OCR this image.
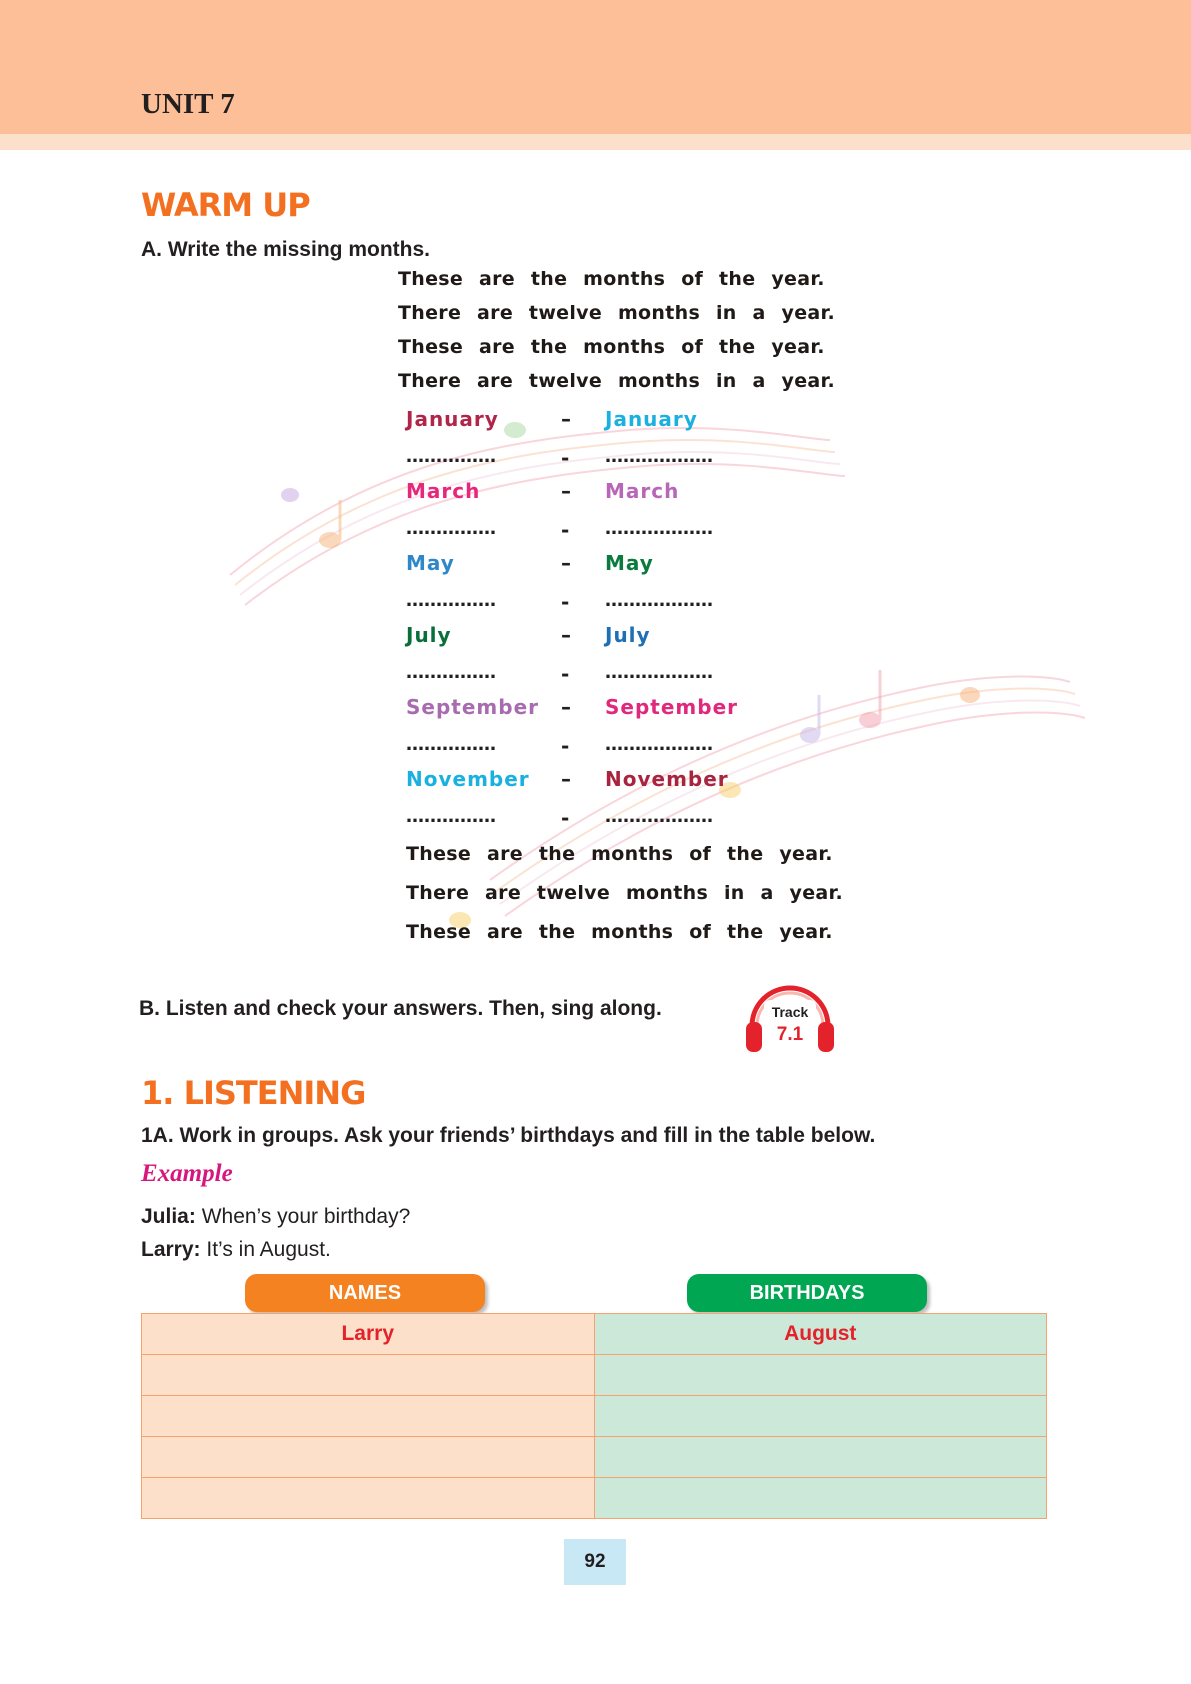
UNIT 7
WARM UP
A. Write the missing months.
These are the months of the year.
There are twelve months in a year.
These are the months of the year.
There are twelve months in a year.
January	– January
……………	- ………………
March	– March
……………	- ………………
May	– May
……………	- ………………
July	– July
……………	- ………………
September – September
……………	- ………………
November – November
……………	- ………………
These are the months of the year.
There are twelve months in a year.
These are the months of the year.
B. Listen and check your answers. Then, sing along.	Track
7.1
1. LISTENING
1A. Work in groups. Ask your friends’ birthdays and fill in the table below.
Example
Julia: When’s your birthday?
Larry: It’s in August.
NAMES	BIRTHDAYS
Larry	August

92
